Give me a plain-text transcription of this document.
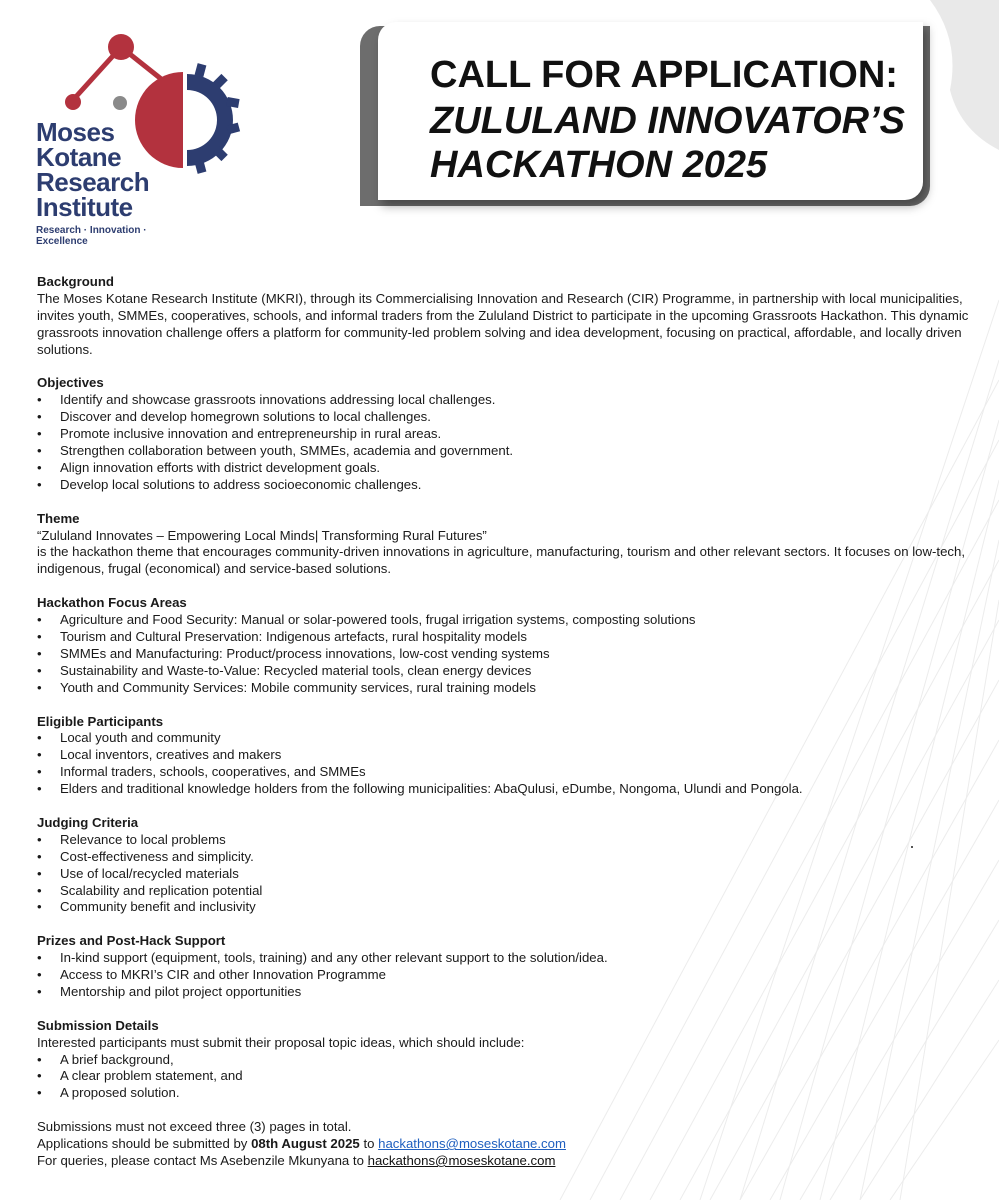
Moses
Kotane
Research
Institute
Research · Innovation ·
Excellence
CALL FOR APPLICATION:
ZULULAND INNOVATOR’S
HACKATHON 2025
Background
The Moses Kotane Research Institute (MKRI), through its Commercialising Innovation and Research (CIR) Programme, in partnership with local municipalities, invites youth, SMMEs, cooperatives, schools, and informal traders from the Zululand District to participate in the upcoming Grassroots Hackathon. This dynamic grassroots innovation challenge offers a platform for community-led problem solving and idea development, focusing on practical, affordable, and locally driven solutions.
Objectives
• Identify and showcase grassroots innovations addressing local challenges.
• Discover and develop homegrown solutions to local challenges.
• Promote inclusive innovation and entrepreneurship in rural areas.
• Strengthen collaboration between youth, SMMEs, academia and government.
• Align innovation efforts with district development goals.
• Develop local solutions to address socioeconomic challenges.
Theme
“Zululand Innovates – Empowering Local Minds| Transforming Rural Futures”
is the hackathon theme that encourages community-driven innovations in agriculture, manufacturing, tourism and other relevant sectors. It focuses on low-tech, indigenous, frugal (economical) and service-based solutions.
Hackathon Focus Areas
• Agriculture and Food Security: Manual or solar-powered tools, frugal irrigation systems, composting solutions
• Tourism and Cultural Preservation: Indigenous artefacts, rural hospitality models
• SMMEs and Manufacturing: Product/process innovations, low-cost vending systems
• Sustainability and Waste-to-Value: Recycled material tools, clean energy devices
• Youth and Community Services: Mobile community services, rural training models
Eligible Participants
• Local youth and community
• Local inventors, creatives and makers
• Informal traders, schools, cooperatives, and SMMEs
• Elders and traditional knowledge holders from the following municipalities: AbaQulusi, eDumbe, Nongoma, Ulundi and Pongola.
Judging Criteria
• Relevance to local problems
• Cost-effectiveness and simplicity.
• Use of local/recycled materials
• Scalability and replication potential
• Community benefit and inclusivity
Prizes and Post-Hack Support
• In-kind support (equipment, tools, training) and any other relevant support to the solution/idea.
• Access to MKRI’s CIR and other Innovation Programme
• Mentorship and pilot project opportunities
Submission Details
Interested participants must submit their proposal topic ideas, which should include:
• A brief background,
• A clear problem statement, and
• A proposed solution.
Submissions must not exceed three (3) pages in total.
Applications should be submitted by 08th August 2025 to hackathons@moseskotane.com
For queries, please contact Ms Asebenzile Mkunyana to hackathons@moseskotane.com
